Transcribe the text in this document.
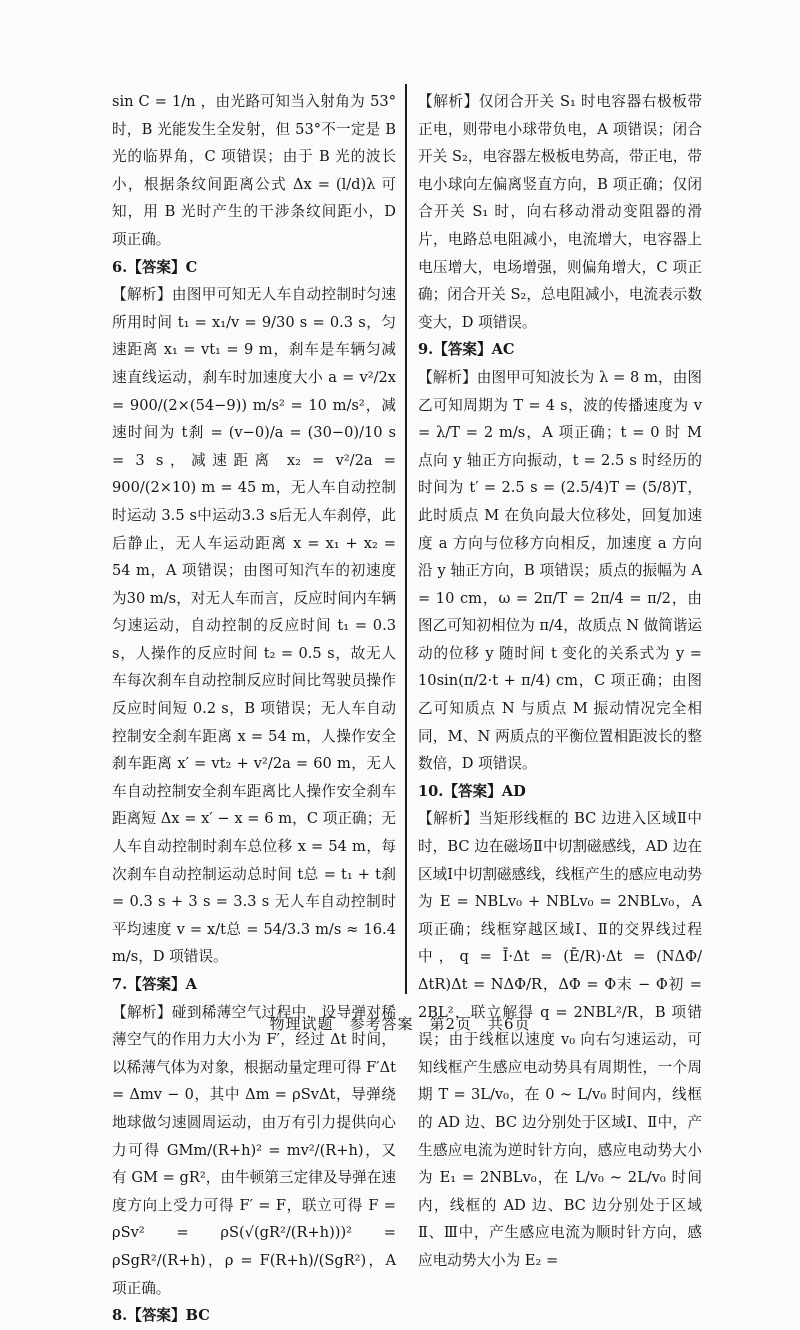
sin C = 1/n ，由光路可知当入射角为 53°时，B 光能发生全发射，但 53°不一定是 B 光的临界角，C 项错误；由于 B 光的波长小，根据条纹间距离公式 Δx = (l/d)λ 可知，用 B 光时产生的干涉条纹间距小，D 项正确。

6.【答案】C

【解析】由图甲可知无人车自动控制时匀速所用时间 t₁ = x₁/v = 9/30 s = 0.3 s，匀速距离 x₁ = vt₁ = 9 m，刹车是车辆匀减速直线运动，刹车时加速度大小 a = v²/2x = 900/(2×(54−9)) m/s² = 10 m/s²，减速时间为 t刹 = (v−0)/a = (30−0)/10 s = 3 s，减速距离 x₂ = v²/2a = 900/(2×10) m = 45 m，无人车自动控制时运动 3.5 s中运动3.3 s后无人车刹停，此后静止，无人车运动距离 x = x₁ + x₂ = 54 m，A 项错误；由图可知汽车的初速度为30 m/s，对无人车而言，反应时间内车辆匀速运动，自动控制的反应时间 t₁ = 0.3 s，人操作的反应时间 t₂ = 0.5 s，故无人车每次刹车自动控制反应时间比驾驶员操作反应时间短 0.2 s，B 项错误；无人车自动控制安全刹车距离 x = 54 m，人操作安全刹车距离 x′ = vt₂ + v²/2a = 60 m，无人车自动控制安全刹车距离比人操作安全刹车距离短 Δx = x′ − x = 6 m，C 项正确；无人车自动控制时刹车总位移 x = 54 m，每次刹车自动控制运动总时间 t总 = t₁ + t刹 = 0.3 s + 3 s = 3.3 s 无人车自动控制时平均速度 v = x/t总 = 54/3.3 m/s ≈ 16.4 m/s，D 项错误。

7.【答案】A

【解析】碰到稀薄空气过程中，设导弹对稀薄空气的作用力大小为 F′，经过 Δt 时间，以稀薄气体为对象，根据动量定理可得 F′Δt = Δmv − 0，其中 Δm = ρSvΔt，导弹绕地球做匀速圆周运动，由万有引力提供向心力可得 GMm/(R+h)² = mv²/(R+h)，又有 GM = gR²，由牛顿第三定律及导弹在速度方向上受力可得 F′ = F，联立可得 F = ρSv² = ρS(√(gR²/(R+h)))² = ρSgR²/(R+h)，ρ = F(R+h)/(SgR²)，A 项正确。

8.【答案】BC

【解析】仅闭合开关 S₁ 时电容器右极板带正电，则带电小球带负电，A 项错误；闭合开关 S₂，电容器左极板电势高，带正电，带电小球向左偏离竖直方向，B 项正确；仅闭合开关 S₁ 时，向右移动滑动变阻器的滑片，电路总电阻减小，电流增大，电容器上电压增大，电场增强，则偏角增大，C 项正确；闭合开关 S₂，总电阻减小，电流表示数变大，D 项错误。

9.【答案】AC

【解析】由图甲可知波长为 λ = 8 m，由图乙可知周期为 T = 4 s，波的传播速度为 v = λ/T = 2 m/s，A 项正确；t = 0 时 M 点向 y 轴正方向振动，t = 2.5 s 时经历的时间为 t′ = 2.5 s = (2.5/4)T = (5/8)T，此时质点 M 在负向最大位移处，回复加速度 a 方向与位移方向相反，加速度 a 方向沿 y 轴正方向，B 项错误；质点的振幅为 A = 10 cm，ω = 2π/T = 2π/4 = π/2，由图乙可知初相位为 π/4，故质点 N 做简谐运动的位移 y 随时间 t 变化的关系式为 y = 10sin(π/2·t + π/4) cm，C 项正确；由图乙可知质点 N 与质点 M 振动情况完全相同，M、N 两质点的平衡位置相距波长的整数倍，D 项错误。

10.【答案】AD

【解析】当矩形线框的 BC 边进入区域Ⅱ中时，BC 边在磁场Ⅱ中切割磁感线，AD 边在区域Ⅰ中切割磁感线，线框产生的感应电动势为 E = NBLv₀ + NBLv₀ = 2NBLv₀，A 项正确；线框穿越区域Ⅰ、Ⅱ的交界线过程中，q = Ī·Δt = (Ē/R)·Δt = (NΔΦ/ΔtR)Δt = NΔΦ/R，ΔΦ = Φ末 − Φ初 = 2BL²，联立解得 q = 2NBL²/R，B 项错误；由于线框以速度 v₀ 向右匀速运动，可知线框产生感应电动势具有周期性，一个周期 T = 3L/v₀，在 0 ~ L/v₀ 时间内，线框的 AD 边、BC 边分别处于区域Ⅰ、Ⅱ中，产生感应电流为逆时针方向，感应电动势大小为 E₁ = 2NBLv₀，在 L/v₀ ~ 2L/v₀ 时间内，线框的 AD 边、BC 边分别处于区域Ⅱ、Ⅲ中，产生感应电流为顺时针方向，感应电动势大小为 E₂ =

物理试题　参考答案　第2页　共6页
